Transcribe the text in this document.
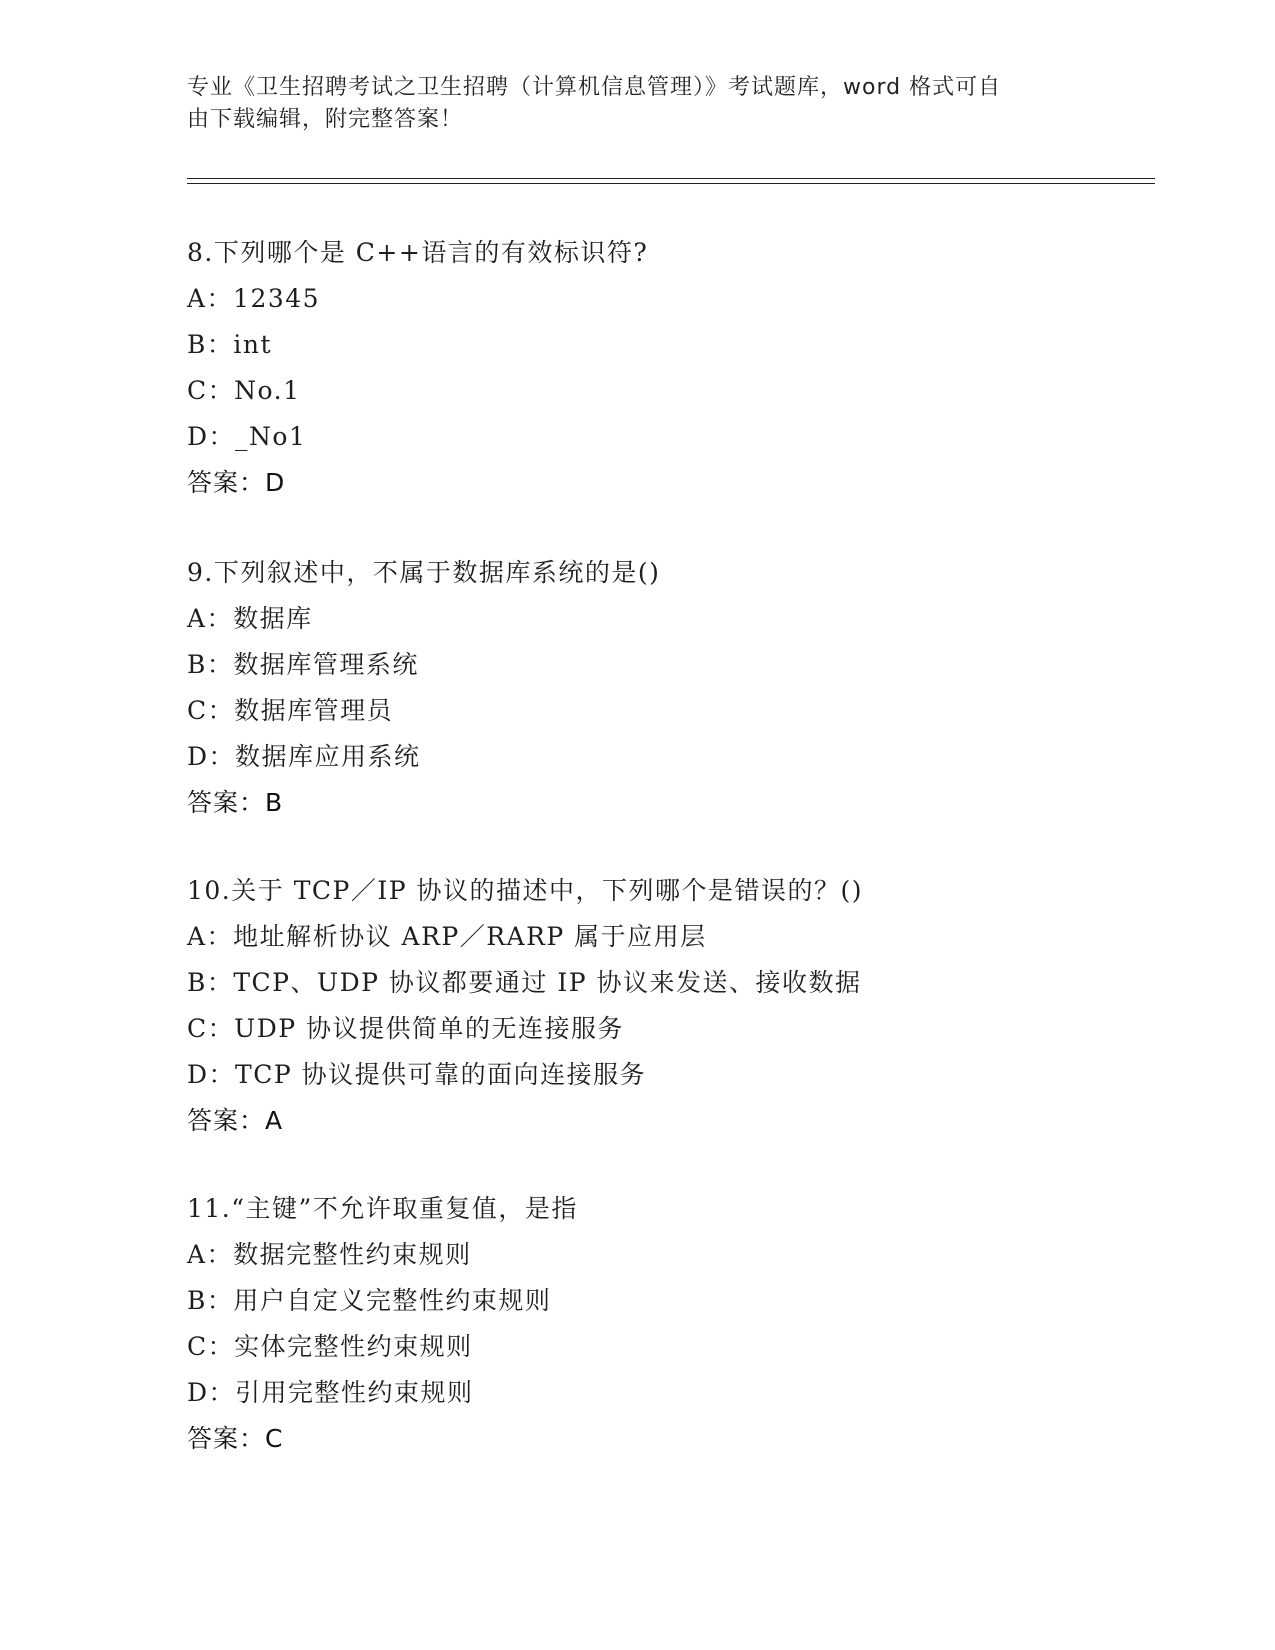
专业《卫生招聘考试之卫生招聘（计算机信息管理）》考试题库，word 格式可自
由下载编辑，附完整答案！
8.下列哪个是 C++语言的有效标识符?
A：12345
B：int
C：No.1
D：_No1
答案：D
9.下列叙述中，不属于数据库系统的是()
A：数据库
B：数据库管理系统
C：数据库管理员
D：数据库应用系统
答案：B
10.关于 TCP／IP 协议的描述中，下列哪个是错误的？()
A：地址解析协议 ARP／RARP 属于应用层
B：TCP、UDP 协议都要通过 IP 协议来发送、接收数据
C：UDP 协议提供简单的无连接服务
D：TCP 协议提供可靠的面向连接服务
答案：A
11.“主键”不允许取重复值，是指
A：数据完整性约束规则
B：用户自定义完整性约束规则
C：实体完整性约束规则
D：引用完整性约束规则
答案：C
